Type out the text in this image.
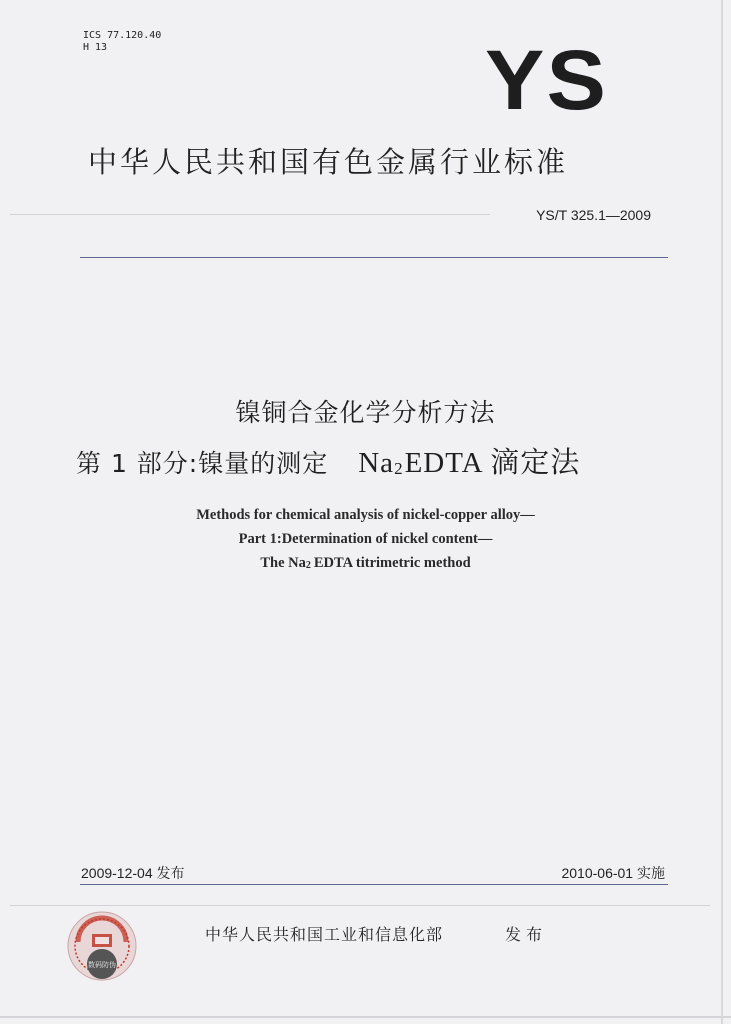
ICS 77.120.40
H 13	YS
中华人民共和国有色金属行业标准
YS/T 325.1—2009
镍铜合金化学分析方法
第 1 部分:镍量的测定 $Na_2EDTA$ 滴定法
Methods for chemical analysis of nickel-copper alloy—
Part 1:Determination of nickel content—
The $Na_2$ EDTA titrimetric method
2009-12-04 发布	2010-06-01 实施
数码防伪
中华人民共和国工业和信息化部	发布
